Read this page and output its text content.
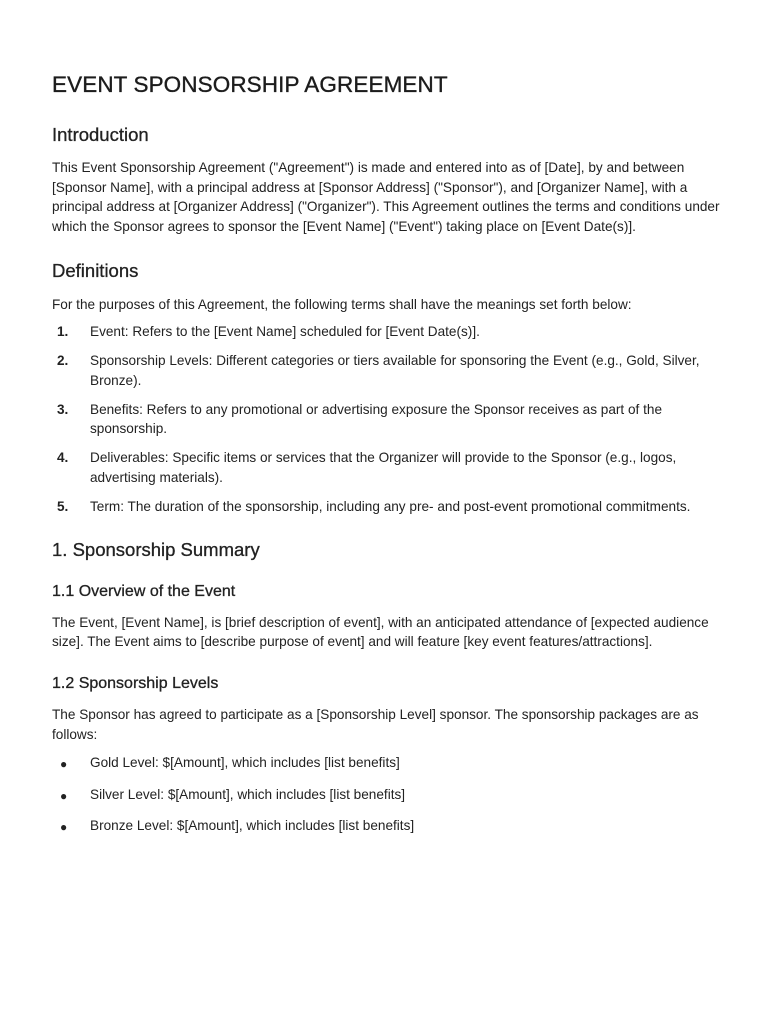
EVENT SPONSORSHIP AGREEMENT
Introduction

This Event Sponsorship Agreement ("Agreement") is made and entered into as of [Date], by and between [Sponsor Name], with a principal address at [Sponsor Address] ("Sponsor"), and [Organizer Name], with a principal address at [Organizer Address] ("Organizer"). This Agreement outlines the terms and conditions under which the Sponsor agrees to sponsor the [Event Name] ("Event") taking place on [Event Date(s)].

Definitions

For the purposes of this Agreement, the following terms shall have the meanings set forth below:

1.	Event: Refers to the [Event Name] scheduled for [Event Date(s)].
2.	Sponsorship Levels: Different categories or tiers available for sponsoring the Event (e.g., Gold, Silver, Bronze).
3.	Benefits: Refers to any promotional or advertising exposure the Sponsor receives as part of the sponsorship.
4.	Deliverables: Specific items or services that the Organizer will provide to the Sponsor (e.g., logos, advertising materials).
5.	Term: The duration of the sponsorship, including any pre- and post-event promotional commitments.
1. Sponsorship Summary
1.1 Overview of the Event

The Event, [Event Name], is [brief description of event], with an anticipated attendance of [expected audience size]. The Event aims to [describe purpose of event] and will feature [key event features/attractions].

1.2 Sponsorship Levels

The Sponsor has agreed to participate as a [Sponsorship Level] sponsor. The sponsorship packages are as follows:

●	Gold Level: $[Amount], which includes [list benefits]
●	Silver Level: $[Amount], which includes [list benefits]
●	Bronze Level: $[Amount], which includes [list benefits]
